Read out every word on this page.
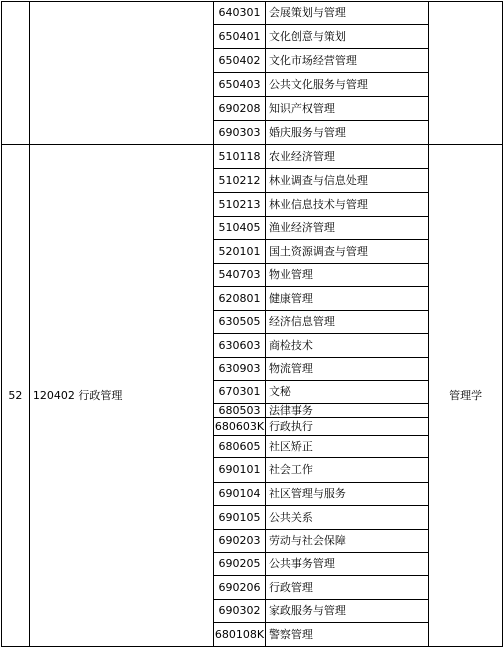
		640301	会展策划与管理	
		650401	文化创意与策划	
		650402	文化市场经营管理	
		650403	公共文化服务与管理	
		690208	知识产权管理	
		690303	婚庆服务与管理	
52	120402 行政管理	510118	农业经济管理	管理学
		510212	林业调查与信息处理	
		510213	林业信息技术与管理	
		510405	渔业经济管理	
		520101	国土资源调查与管理	
		540703	物业管理	
		620801	健康管理	
		630505	经济信息管理	
		630603	商检技术	
		630903	物流管理	
		670301	文秘	
		680503	法律事务	
		680603K	行政执行	
		680605	社区矫正	
		690101	社会工作	
		690104	社区管理与服务	
		690105	公共关系	
		690203	劳动与社会保障	
		690205	公共事务管理	
		690206	行政管理	
		690302	家政服务与管理	
		680108K	警察管理	
